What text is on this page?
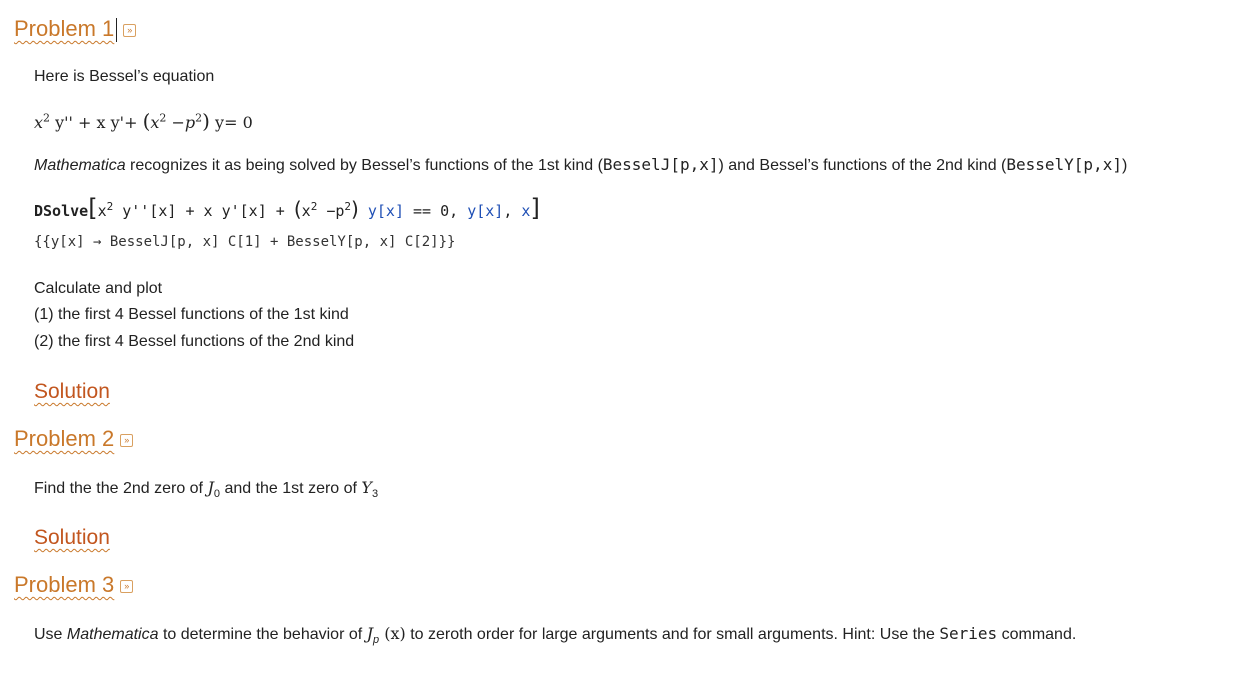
Problem 1 »
Here is Bessel’s equation
$x^2$ y'' + x $y'+ (x^2 -p^2)$ y= 0
Mathematica recognizes it as being solved by Bessel’s functions of the 1st kind (BesselJ[p,x]) and Bessel’s functions of the 2nd kind (BesselY[p,x])
$DSolve[x^2$ y''[x] + x $y'[x] + (x^2 -p^2) y[x] == 0$, y[x], x]
{{y[x] → BesselJ[p, x] C[1] + BesselY[p, x] C[2]}}
Calculate and plot
(1) the first 4 Bessel functions of the 1st kind
(2) the first 4 Bessel functions of the 2nd kind
Solution
Problem 2 »
Find the the 2nd zero of $J_0$ and the 1st zero of $Y_3$
Solution
Problem 3 »
Use Mathematica to determine the behavior of $J_p$ (x) to zeroth order for large arguments and for small arguments. Hint: Use the Series command.
